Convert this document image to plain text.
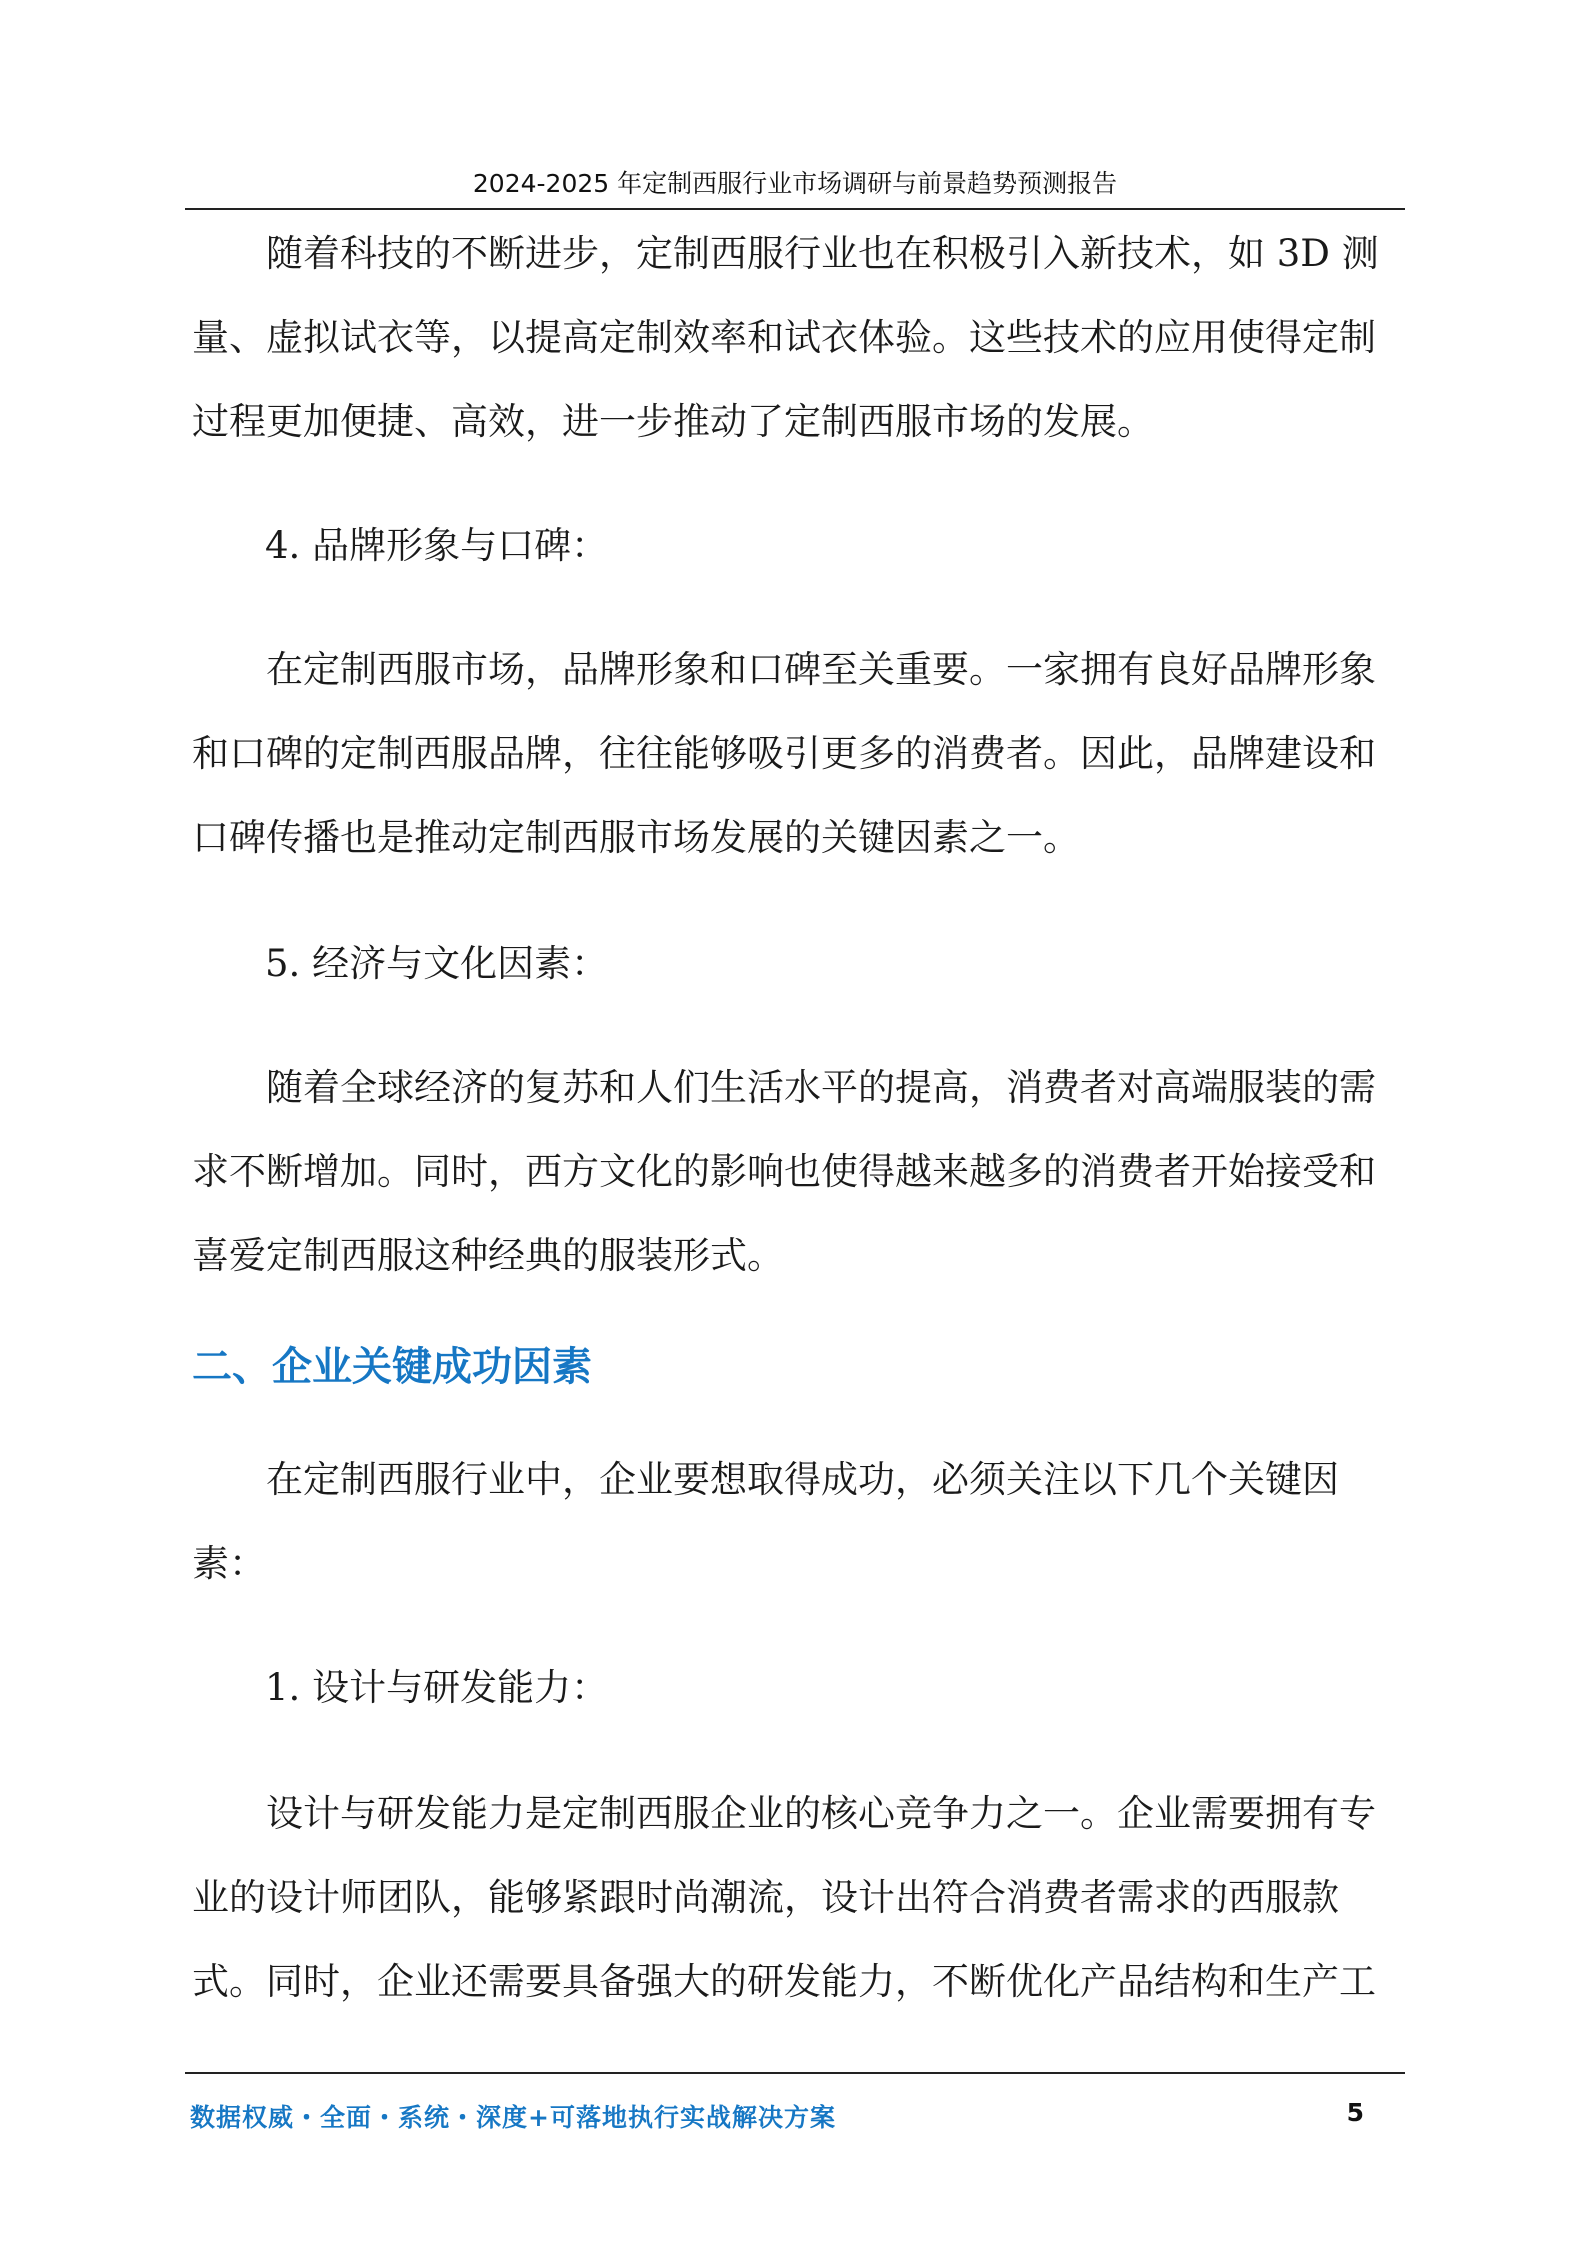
2024-2025 年定制西服行业市场调研与前景趋势预测报告
随着科技的不断进步，定制西服行业也在积极引入新技术，如 3D 测
量、虚拟试衣等，以提高定制效率和试衣体验。这些技术的应用使得定制
过程更加便捷、高效，进一步推动了定制西服市场的发展。
4. 品牌形象与口碑：
在定制西服市场，品牌形象和口碑至关重要。一家拥有良好品牌形象
和口碑的定制西服品牌，往往能够吸引更多的消费者。因此，品牌建设和
口碑传播也是推动定制西服市场发展的关键因素之一。
5. 经济与文化因素：
随着全球经济的复苏和人们生活水平的提高，消费者对高端服装的需
求不断增加。同时，西方文化的影响也使得越来越多的消费者开始接受和
喜爱定制西服这种经典的服装形式。
二、企业关键成功因素
在定制西服行业中，企业要想取得成功，必须关注以下几个关键因
素：
1. 设计与研发能力：
设计与研发能力是定制西服企业的核心竞争力之一。企业需要拥有专
业的设计师团队，能够紧跟时尚潮流，设计出符合消费者需求的西服款
式。同时，企业还需要具备强大的研发能力，不断优化产品结构和生产工
数据权威・全面・系统・深度+可落地执行实战解决方案	5
